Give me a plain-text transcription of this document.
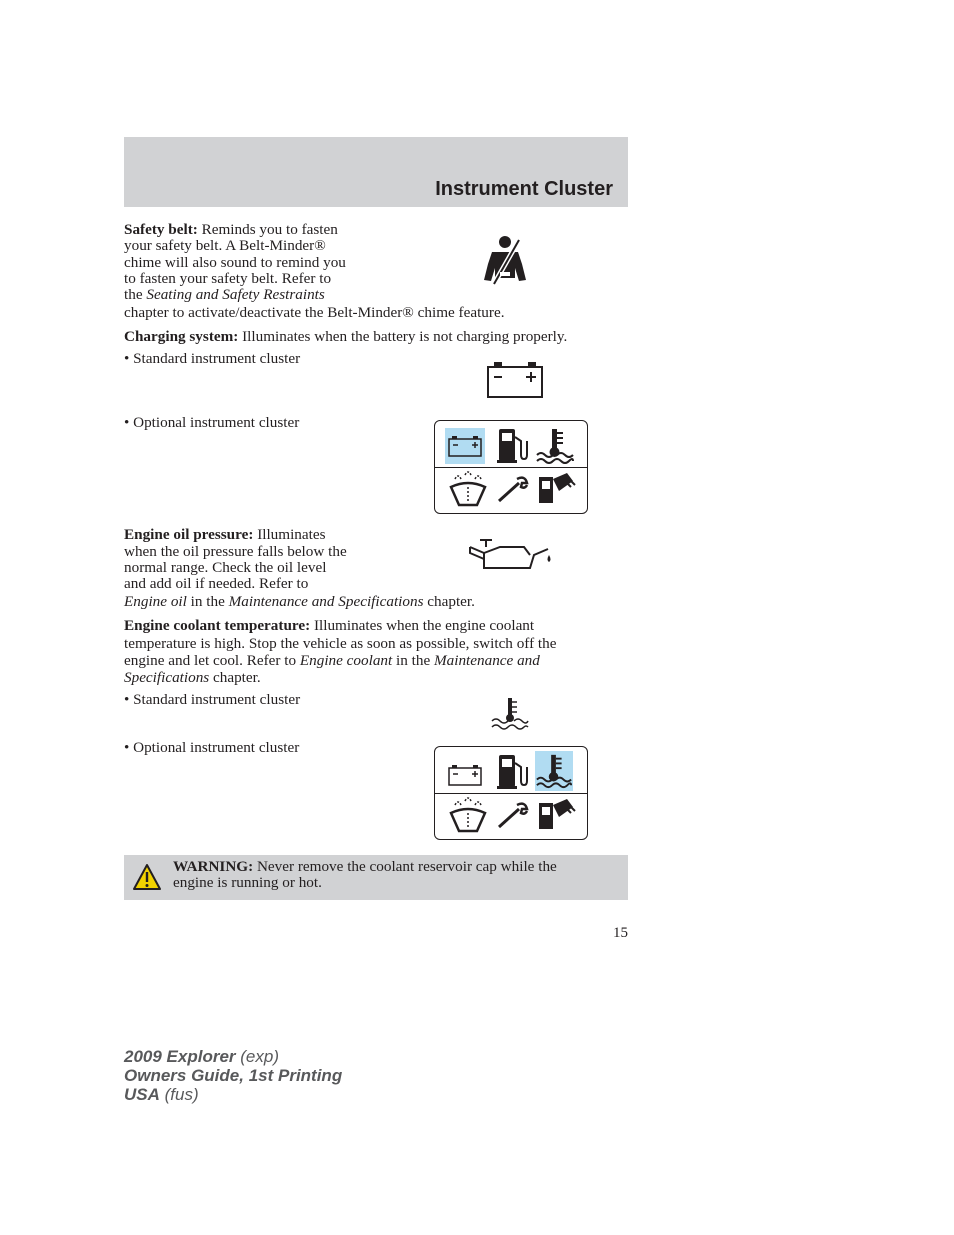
Instrument Cluster
Safety belt: Reminds you to fasten
your safety belt. A Belt-Minder®
chime will also sound to remind you
to fasten your safety belt. Refer to
the Seating and Safety Restraints
chapter to activate/deactivate the Belt-Minder® chime feature.
Charging system: Illuminates when the battery is not charging properly.
• Standard instrument cluster
• Optional instrument cluster
Engine oil pressure: Illuminates
when the oil pressure falls below the
normal range. Check the oil level
and add oil if needed. Refer to
Engine oil in the Maintenance and Specifications chapter.
Engine coolant temperature: Illuminates when the engine coolant
temperature is high. Stop the vehicle as soon as possible, switch off the
engine and let cool. Refer to Engine coolant in the Maintenance and
Specifications chapter.
• Standard instrument cluster
• Optional instrument cluster
WARNING: Never remove the coolant reservoir cap while the
engine is running or hot.
15
2009 Explorer (exp)
Owners Guide, 1st Printing
USA (fus)
